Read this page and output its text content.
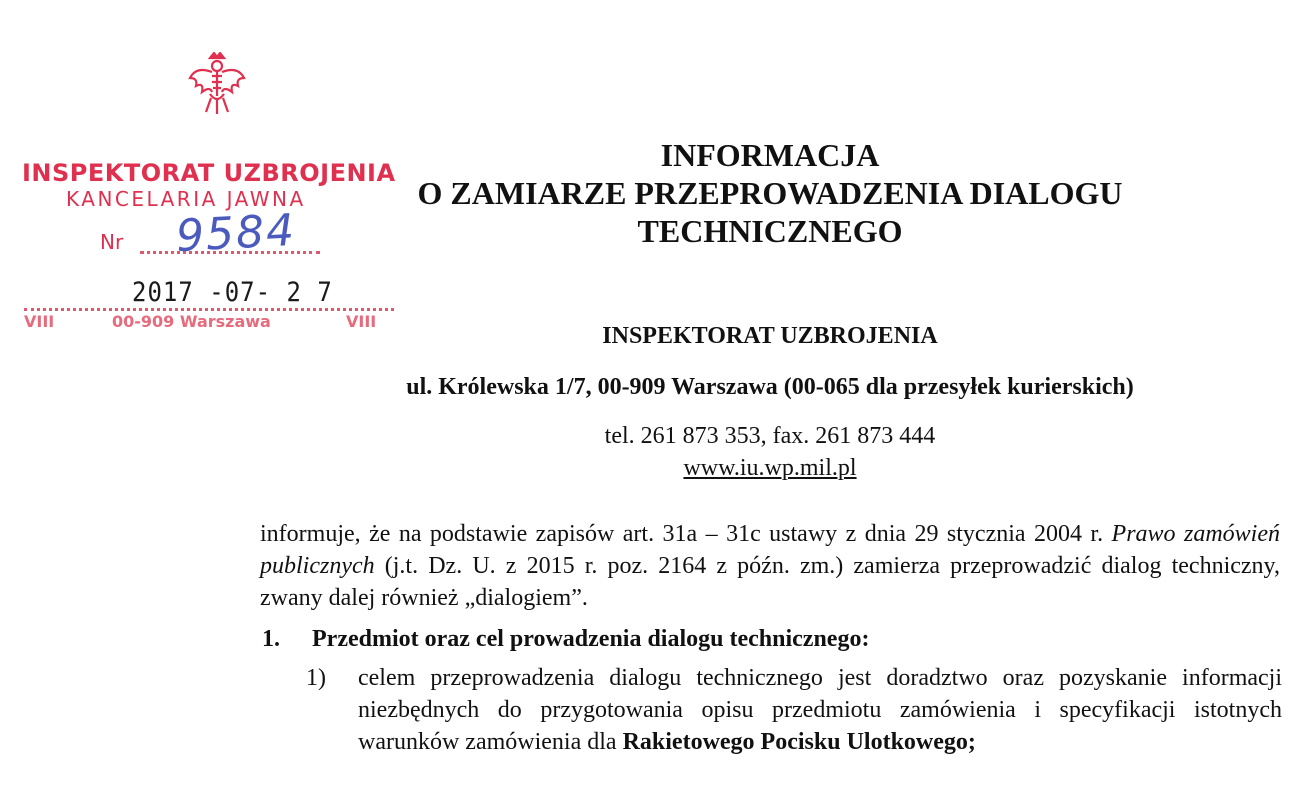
INSPEKTORAT UZBROJENIA
KANCELARIA JAWNA
Nr 9584
2017 -07- 2 7
VIII	00-909 Warszawa	VIII
INFORMACJA
O ZAMIARZE PRZEPROWADZENIA DIALOGU
TECHNICZNEGO
INSPEKTORAT UZBROJENIA
ul. Królewska 1/7, 00-909 Warszawa (00-065 dla przesyłek kurierskich)
tel. 261 873 353, fax. 261 873 444
www.iu.wp.mil.pl
informuje, że na podstawie zapisów art. 31a – 31c ustawy z dnia 29 stycznia 2004 r. Prawo zamówień publicznych (j.t. Dz. U. z 2015 r. poz. 2164 z późn. zm.) zamierza przeprowadzić dialog techniczny, zwany dalej również „dialogiem”.
1. Przedmiot oraz cel prowadzenia dialogu technicznego:
1) celem przeprowadzenia dialogu technicznego jest doradztwo oraz pozyskanie informacji niezbędnych do przygotowania opisu przedmiotu zamówienia i specyfikacji istotnych warunków zamówienia dla Rakietowego Pocisku Ulotkowego;
